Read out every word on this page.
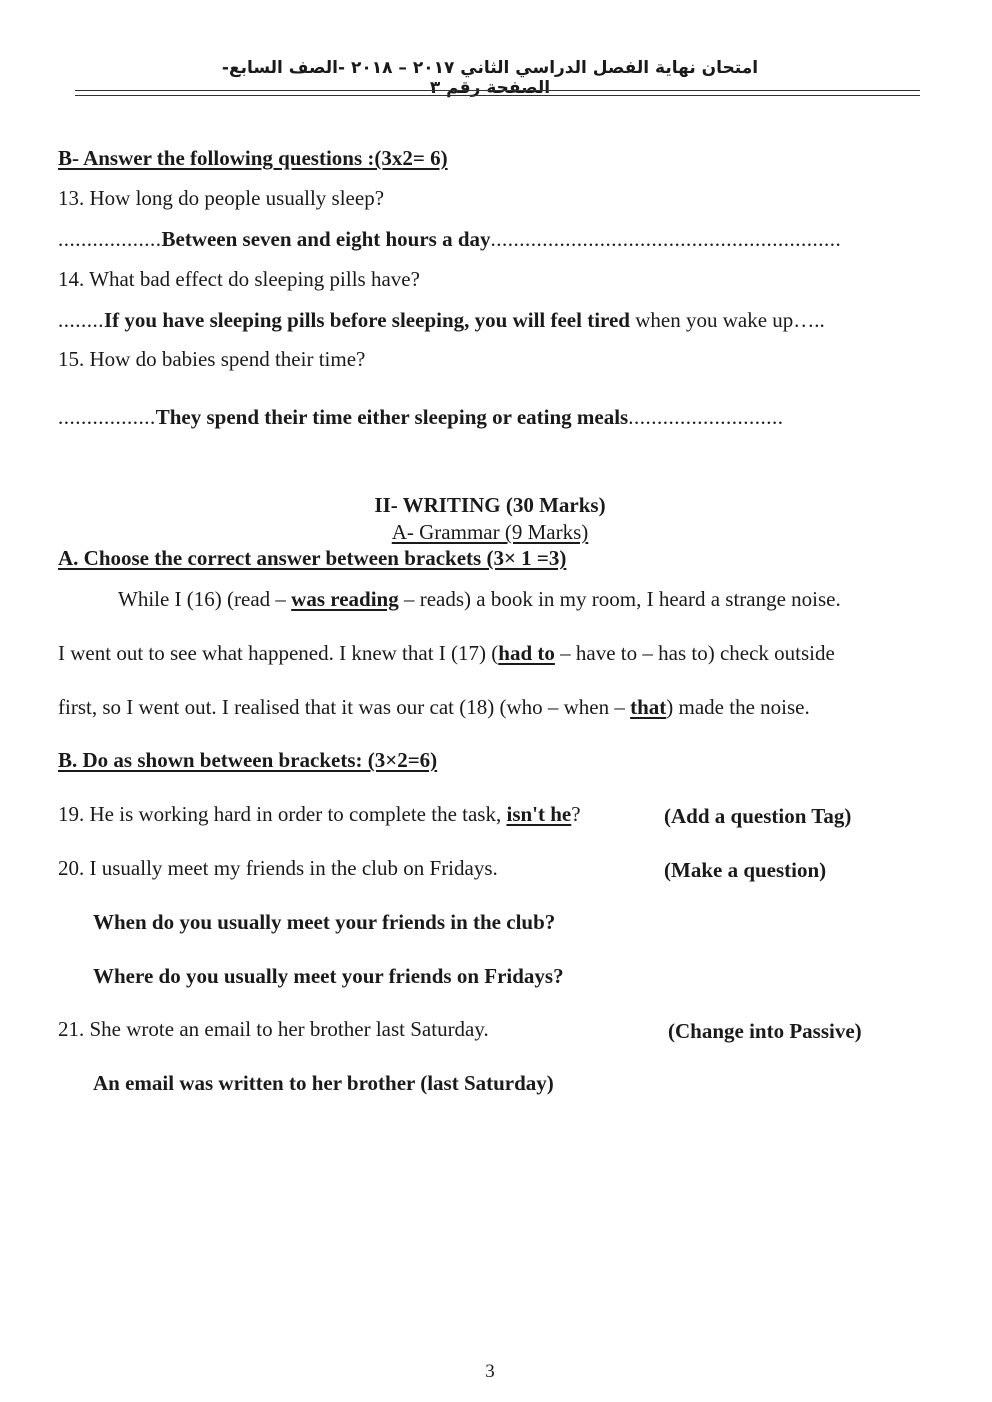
امتحان نهاية الفصل الدراسي الثاني ٢٠١٧ – ٢٠١٨ -الصف السابع- الصفحة رقم ٣
B- Answer the following questions :(3x2= 6)
13. How long do people usually sleep?
..................Between seven and eight hours a day.............................................................
14. What bad effect do sleeping pills have?
........If you have sleeping pills before sleeping, you will feel tired when you wake up…..
15. How do babies spend their time?
.................They spend their time either sleeping or eating meals...........................
II- WRITING (30 Marks)
A- Grammar (9 Marks)
A. Choose the correct answer between brackets (3× 1 =3)
While I (16) (read – was reading – reads) a book in my room, I heard a strange noise.
I went out to see what happened. I knew that I (17) (had to – have to – has to) check outside
first, so I went out. I realised that it was our cat (18) (who – when – that) made the noise.
B. Do as shown between brackets: (3×2=6)
19. He is working hard in order to complete the task, isn't he?	(Add a question Tag)
20. I usually meet my friends in the club on Fridays.	(Make a question)
When do you usually meet your friends in the club?
Where do you usually meet your friends on Fridays?
21. She wrote an email to her brother last Saturday.	(Change into Passive)
An email was written to her brother (last Saturday)
3
